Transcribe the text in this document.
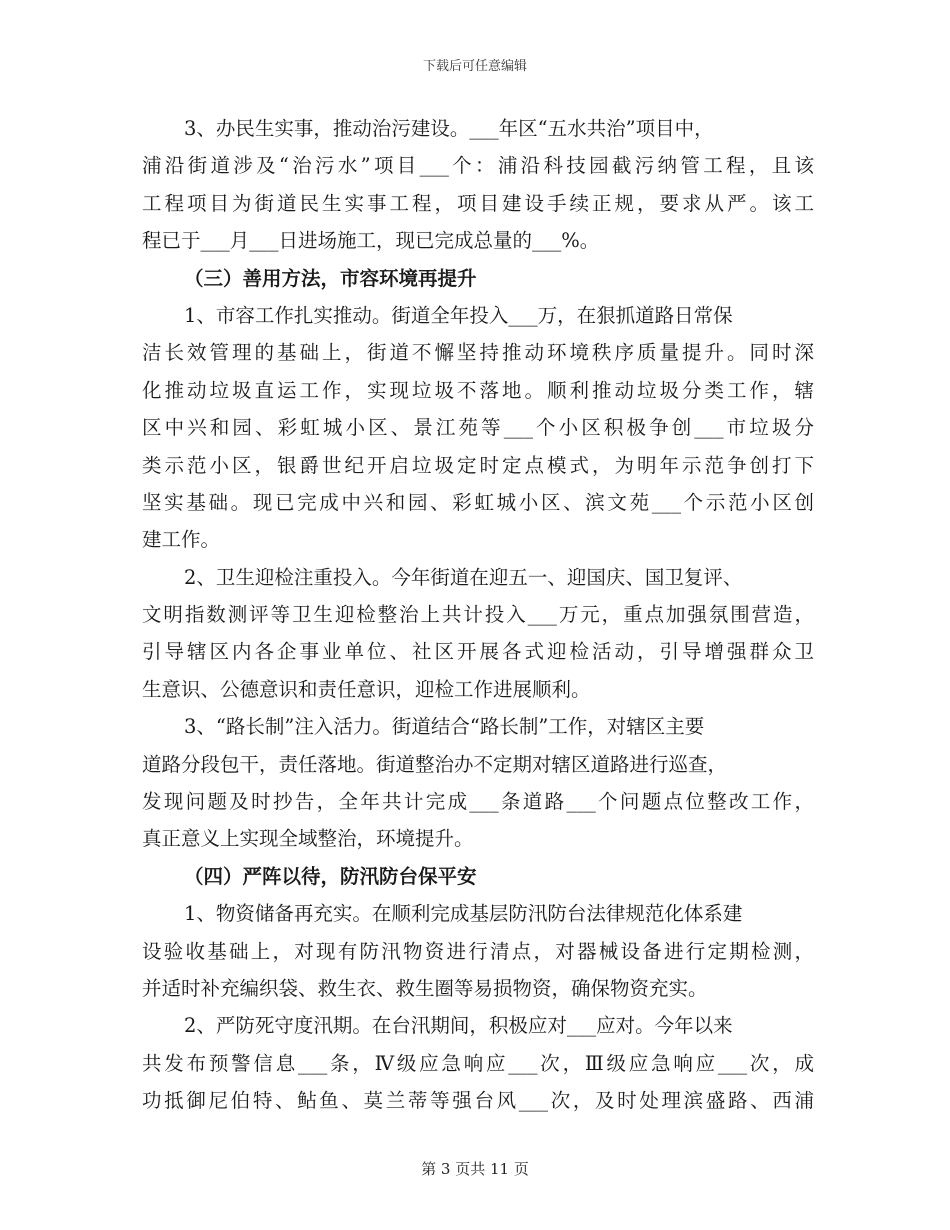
下载后可任意编辑
3、办民生实事，推动治污建设。___年区“五水共治”项目中，
浦沿街道涉及“治污水”项目___个：浦沿科技园截污纳管工程，且该
工程项目为街道民生实事工程，项目建设手续正规，要求从严。该工
程已于___月___日进场施工，现已完成总量的___%。
（三）善用方法，市容环境再提升
1、市容工作扎实推动。街道全年投入___万，在狠抓道路日常保
洁长效管理的基础上，街道不懈坚持推动环境秩序质量提升。同时深
化推动垃圾直运工作，实现垃圾不落地。顺利推动垃圾分类工作，辖
区中兴和园、彩虹城小区、景江苑等___个小区积极争创___市垃圾分
类示范小区，银爵世纪开启垃圾定时定点模式，为明年示范争创打下
坚实基础。现已完成中兴和园、彩虹城小区、滨文苑___个示范小区创
建工作。
2、卫生迎检注重投入。今年街道在迎五一、迎国庆、国卫复评、
文明指数测评等卫生迎检整治上共计投入___万元，重点加强氛围营造，
引导辖区内各企事业单位、社区开展各式迎检活动，引导增强群众卫
生意识、公德意识和责任意识，迎检工作进展顺利。
3、“路长制”注入活力。街道结合“路长制”工作，对辖区主要
道路分段包干，责任落地。街道整治办不定期对辖区道路进行巡查，
发现问题及时抄告，全年共计完成___条道路___个问题点位整改工作，
真正意义上实现全域整治，环境提升。
（四）严阵以待，防汛防台保平安
1、物资储备再充实。在顺利完成基层防汛防台法律规范化体系建
设验收基础上，对现有防汛物资进行清点，对器械设备进行定期检测，
并适时补充编织袋、救生衣、救生圈等易损物资，确保物资充实。
2、严防死守度汛期。在台汛期间，积极应对___应对。今年以来
共发布预警信息___条，Ⅳ级应急响应___次，Ⅲ级应急响应___次，成
功抵御尼伯特、鲇鱼、莫兰蒂等强台风___次，及时处理滨盛路、西浦
第 3 页共 11 页
